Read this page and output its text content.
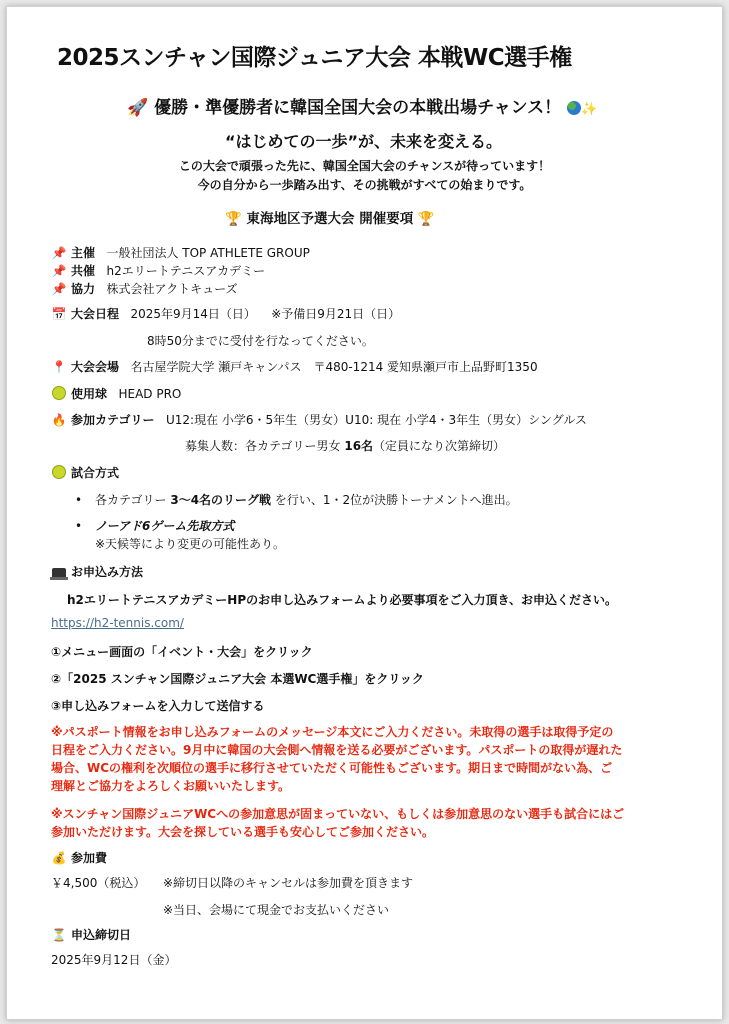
2025スンチャン国際ジュニア大会 本戦WC選手権
🚀 優勝・準優勝者に韓国全国大会の本戦出場チャンス！ ✨
“はじめての一歩”が、未来を変える。
この大会で頑張った先に、韓国全国大会のチャンスが待っています！
今の自分から一歩踏み出す、その挑戦がすべての始まりです。
🏆 東海地区予選大会 開催要項 🏆
📌 主催 一般社団法人 TOP ATHLETE GROUP
📌 共催 h2エリートテニスアカデミー
📌 協力 株式会社アクトキューズ
📅 大会日程 2025年9月14日（日） ※予備日9月21日（日）
8時50分までに受付を行なってください。
📍 大会会場 名古屋学院大学 瀬戸キャンパス　〒480-1214 愛知県瀬戸市上品野町1350
使用球 HEAD PRO
🔥 参加カテゴリー U12:現在 小学6・5年生（男女）U10: 現在 小学4・3年生（男女）シングルス
募集人数：各カテゴリー男女 16名（定員になり次第締切）
試合方式
• 各カテゴリー 3〜4名のリーグ戦 を行い、1・2位が決勝トーナメントへ進出。
• ノーアド6ゲーム先取方式
※天候等により変更の可能性あり。
お申込み方法
h2エリートテニスアカデミーHPのお申し込みフォームより必要事項をご入力頂き、お申込ください。
https://h2-tennis.com/
①メニュー画面の「イベント・大会」をクリック
②「2025 スンチャン国際ジュニア大会 本選WC選手権」をクリック
③申し込みフォームを入力して送信する
※パスポート情報をお申し込みフォームのメッセージ本文にご入力ください。未取得の選手は取得予定の
日程をご入力ください。9月中に韓国の大会側へ情報を送る必要がございます。パスポートの取得が遅れた
場合、WCの権利を次順位の選手に移行させていただく可能性もございます。期日まで時間がない為、ご
理解とご協力をよろしくお願いいたします。
※スンチャン国際ジュニアWCへの参加意思が固まっていない、もしくは参加意思のない選手も試合にはご
参加いただけます。大会を探している選手も安心してご参加ください。
💰 参加費
￥4,500（税込） ※締切日以降のキャンセルは参加費を頂きます
※当日、会場にて現金でお支払いください
⏳ 申込締切日
2025年9月12日（金）
